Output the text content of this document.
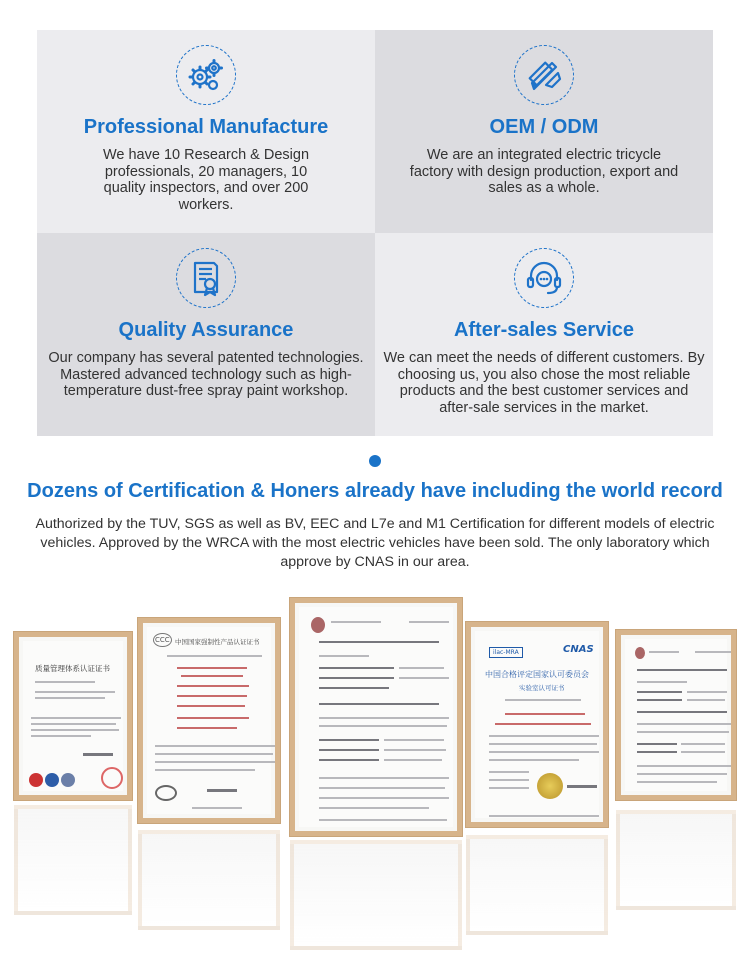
Professional Manufacture
We have 10 Research & Design professionals, 20 managers, 10 quality inspectors, and over 200 workers.
OEM / ODM
We are an integrated electric tricycle factory with design production, export and sales as a whole.
Quality Assurance
Our company has several patented technologies. Mastered advanced technology such as high-temperature dust-free spray paint workshop.
After-sales Service
We can meet the needs of different customers. By choosing us, you also chose the most reliable products and the best customer services and after-sale services in the market.
Dozens of Certification & Honers already have including the world record
Authorized by the TUV, SGS as well as BV, EEC and L7e and M1 Certification for different models of electric vehicles. Approved by the WRCA with the most electric vehicles have been sold. The only laboratory which approve by CNAS in our area.
质量管理体系认证证书
CCC 中国国家强制性产品认证证书
ilac-MRA	CNAS
中国合格评定国家认可委员会
实验室认可证书
